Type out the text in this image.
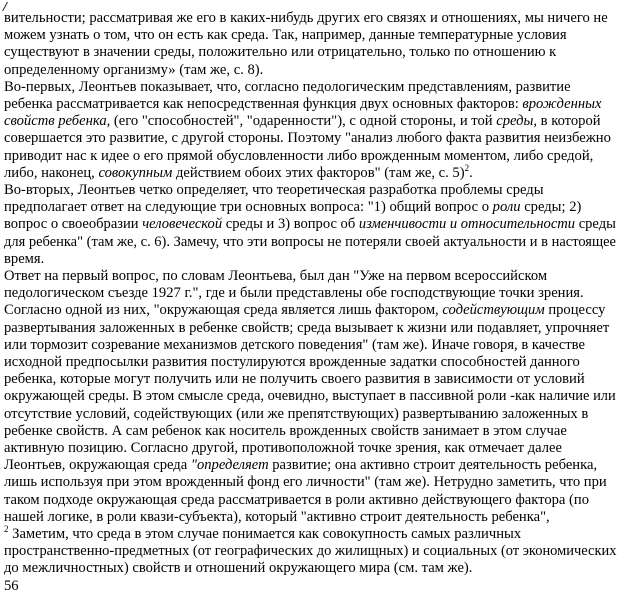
/
вительности; рассматривая же его в каких-нибудь других его связях и отношениях, мы ничего не
можем узнать о том, что он есть как среда. Так, например, данные температурные условия
существуют в значении среды, положительно или отрицательно, только по отношению к
определенному организму» (там же, с. 8).
Во-первых, Леонтьев показывает, что, согласно педологическим представлениям, развитие
ребенка рассматривается как непосредственная функция двух основных факторов: врожденных
свойств ребенка, (его "способностей", "одаренности"), с одной стороны, и той среды, в которой
совершается это развитие, с другой стороны. Поэтому "анализ любого факта развития неизбежно
приводит нас к идее о его прямой обусловленности либо врожденным моментом, либо средой,
либо, наконец, совокупным действием обоих этих факторов" (там же, с. 5)$^2$.
Во-вторых, Леонтьев четко определяет, что теоретическая разработка проблемы среды
предполагает ответ на следующие три основных вопроса: "1) общий вопрос о роли среды; 2)
вопрос о своеобразии человеческой среды и 3) вопрос об изменчивости и относительности среды
для ребенка" (там же, с. 6). Замечу, что эти вопросы не потеряли своей актуальности и в настоящее
время.
Ответ на первый вопрос, по словам Леонтьева, был дан "Уже на первом всероссийском
педологическом съезде 1927 г.", где и были представлены обе господствующие точки зрения.
Согласно одной из них, "окружающая среда является лишь фактором, содействующим процессу
развертывания заложенных в ребенке свойств; среда вызывает к жизни или подавляет, упрочняет
или тормозит созревание механизмов детского поведения" (там же). Иначе говоря, в качестве
исходной предпосылки развития постулируются врожденные задатки способностей данного
ребенка, которые могут получить или не получить своего развития в зависимости от условий
окружающей среды. В этом смысле среда, очевидно, выступает в пассивной роли -как наличие или
отсутствие условий, содействующих (или же препятствующих) развертыванию заложенных в
ребенке свойств. А сам ребенок как носитель врожденных свойств занимает в этом случае
активную позицию. Согласно другой, противоположной точке зрения, как отмечает далее
Леонтьев, окружающая среда "определяет развитие; она активно строит деятельность ребенка,
лишь используя при этом врожденный фонд его личности" (там же). Нетрудно заметить, что при
таком подходе окружающая среда рассматривается в роли активно действующего фактора (по
нашей логике, в роли квази-субъекта), который "активно строит деятельность ребенка",
$^2$ Заметим, что среда в этом случае понимается как совокупность самых различных
пространственно-предметных (от географических до жилищных) и социальных (от экономических
до межличностных) свойств и отношений окружающего мира (см. там же).
56
